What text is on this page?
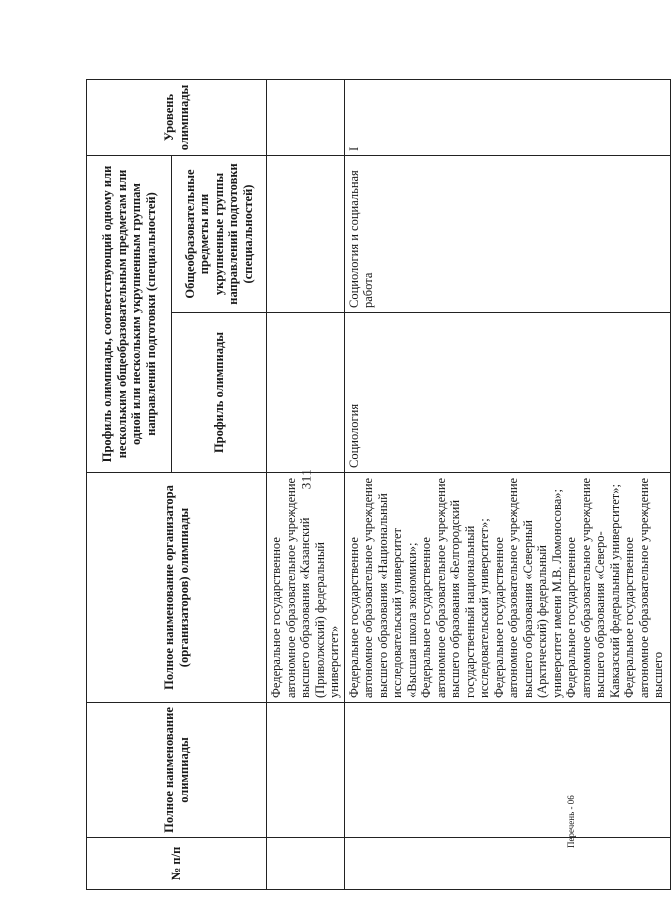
311
Перечень - 06
№ п/п	Полное наименование олимпиады	Полное наименование организатора (организаторов) олимпиады	Профиль олимпиады, соответствующий одному или нескольким общеобразовательным предметам или одной или нескольким укрупненным группам направлений подготовки (специальностей)		Уровень олимпиады
			Профиль олимпиады	Общеобразовательные предметы или укрупненные группы направлений подготовки (специальностей)	
		Федеральное государственное автономное образовательное учреждение высшего образования «Казанский (Приволжский) федеральный университет»			
		Федеральное государственное автономное образовательное учреждение высшего образования «Национальный исследовательский университет «Высшая школа экономики»; Федеральное государственное автономное образовательное учреждение высшего образования «Белгородский государственный национальный исследовательский университет»; Федеральное государственное автономное образовательное учреждение высшего образования «Северный (Арктический) федеральный университет имени М.В. Ломоносова»; Федеральное государственное автономное образовательное учреждение высшего образования «Северо-Кавказский федеральный университет»; Федеральное государственное автономное образовательное учреждение высшего	Социология	Социология и социальная работа	I
